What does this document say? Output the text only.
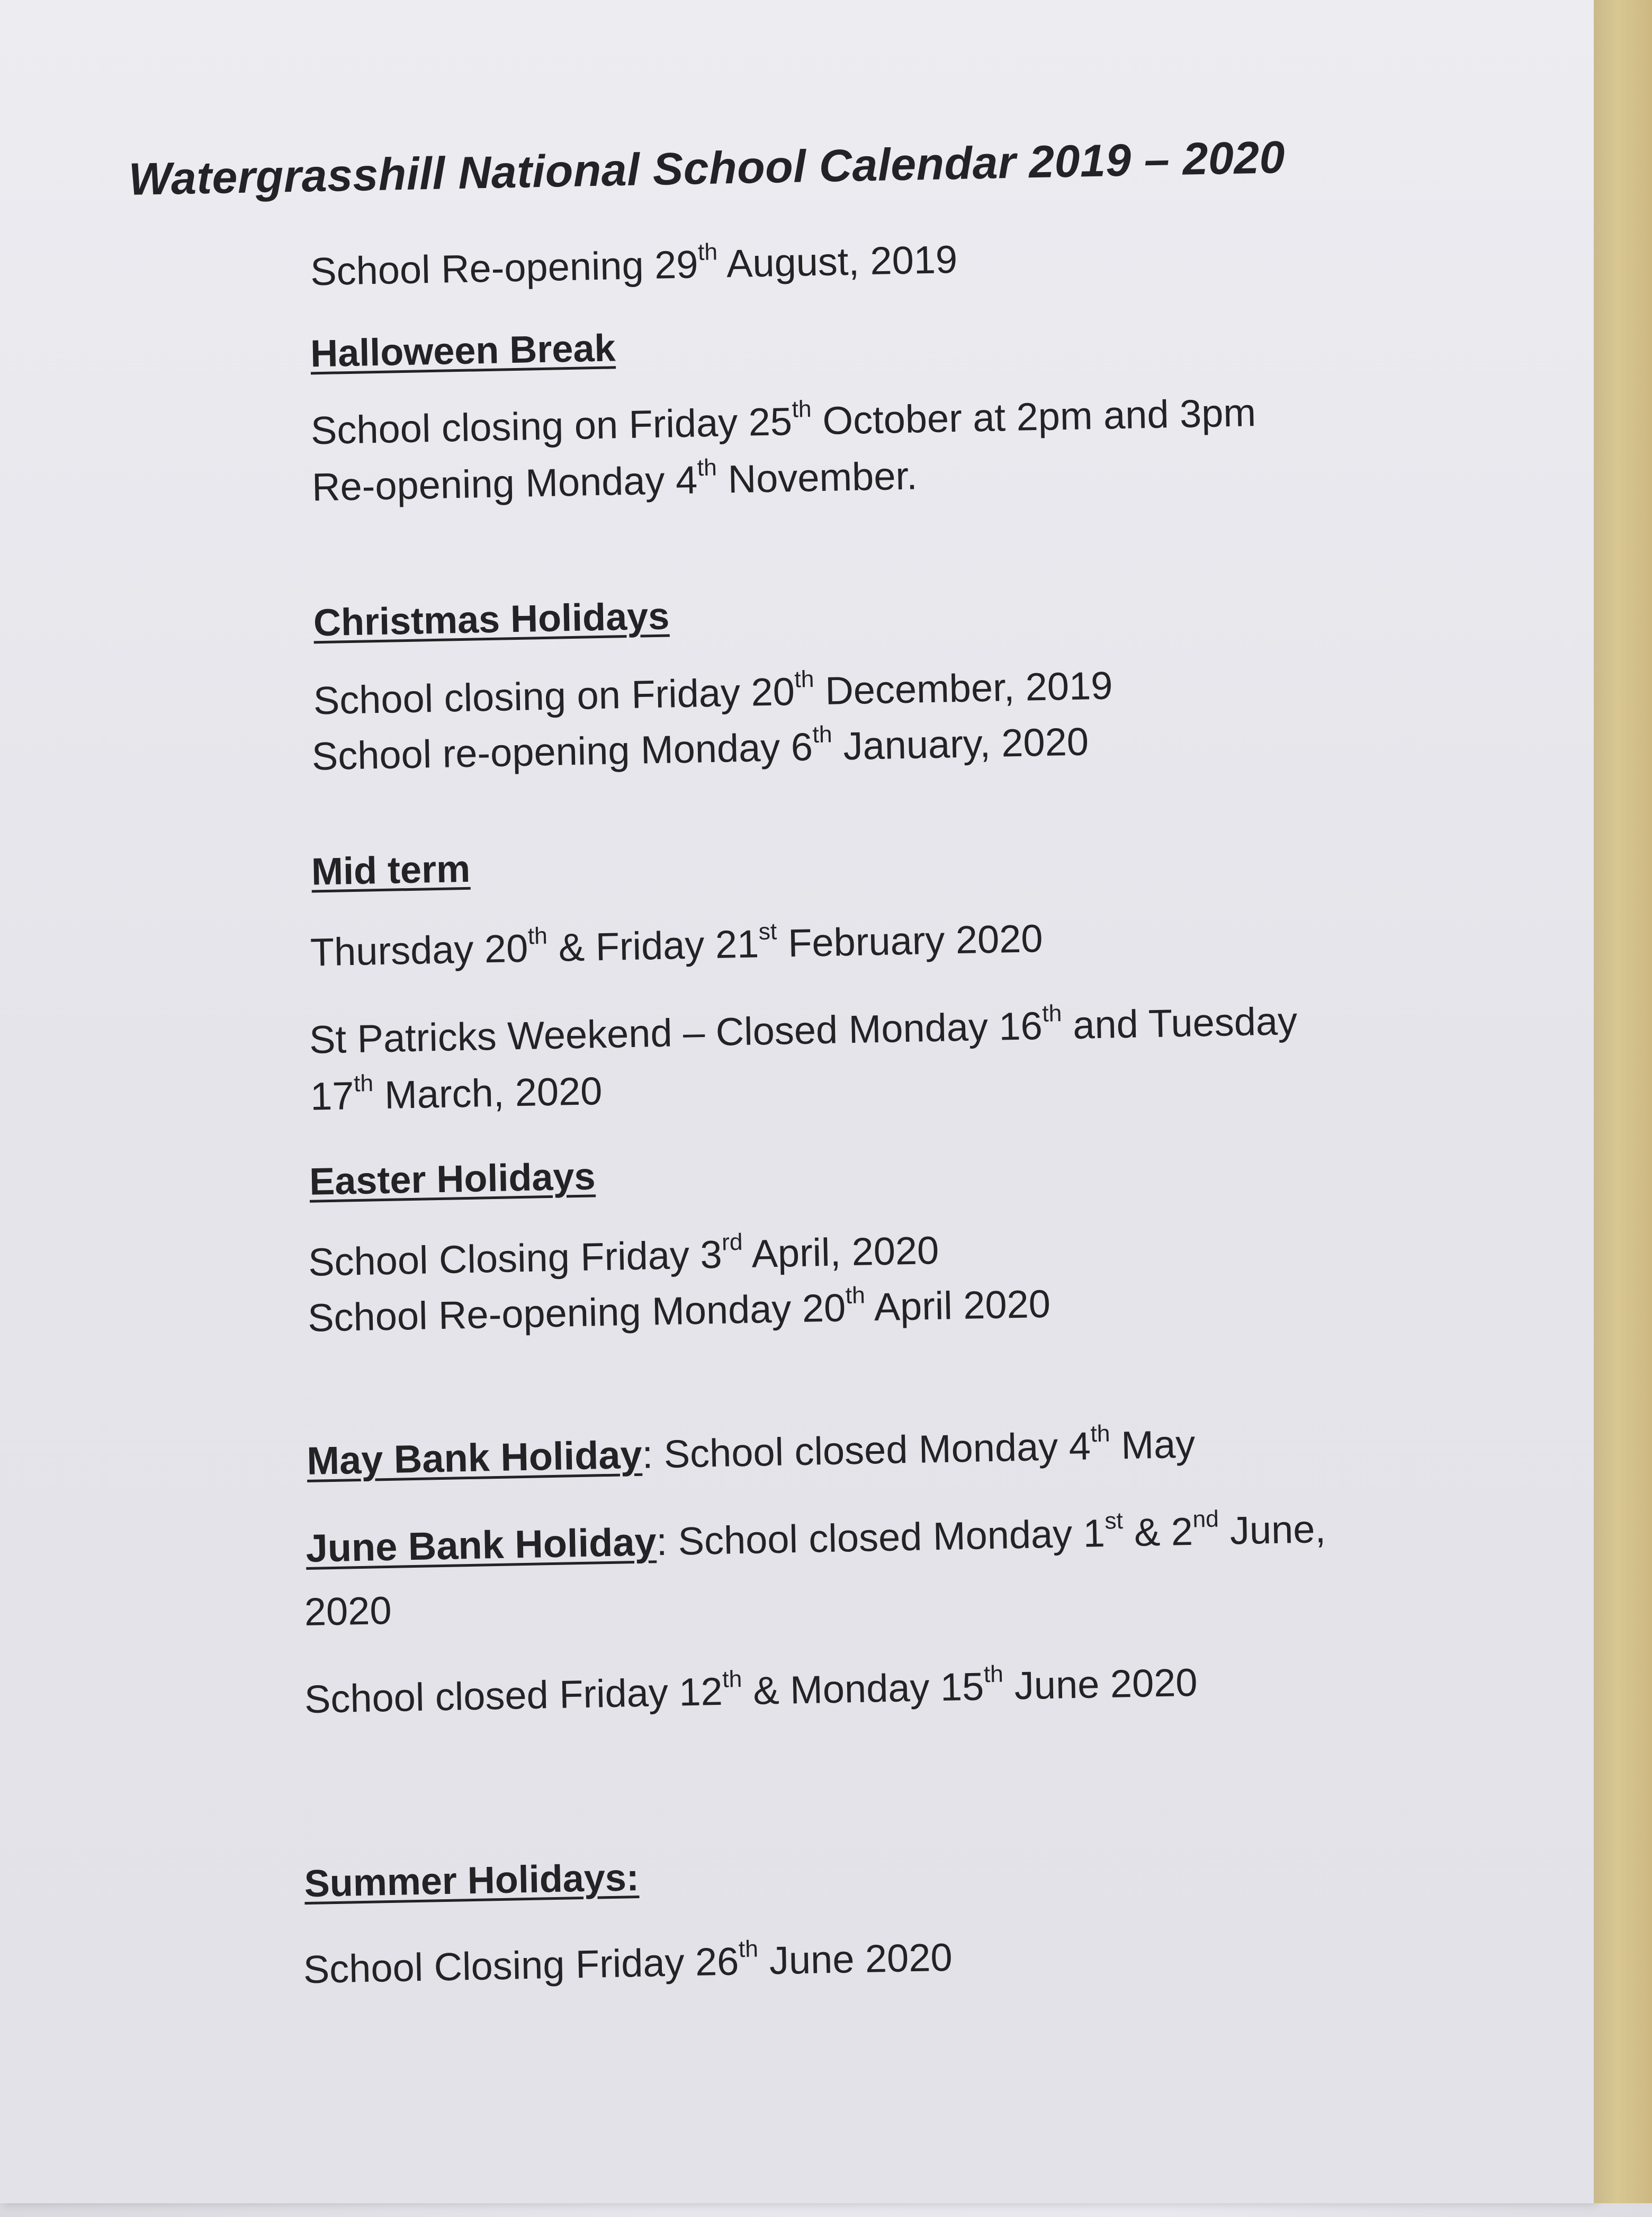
Watergrasshill National School Calendar 2019 – 2020
School Re-opening 29th August, 2019
Halloween Break
School closing on Friday 25th October at 2pm and 3pm
Re-opening Monday 4th November.
Christmas Holidays
School closing on Friday 20th December, 2019
School re-opening Monday 6th January, 2020
Mid term
Thursday 20th & Friday 21st February 2020
St Patricks Weekend – Closed Monday 16th and Tuesday
17th March, 2020
Easter Holidays
School Closing Friday 3rd April, 2020
School Re-opening Monday 20th April 2020
May Bank Holiday: School closed Monday 4th May
June Bank Holiday: School closed Monday 1st & 2nd June,
2020
School closed Friday 12th & Monday 15th June 2020
Summer Holidays:
School Closing Friday 26th June 2020
